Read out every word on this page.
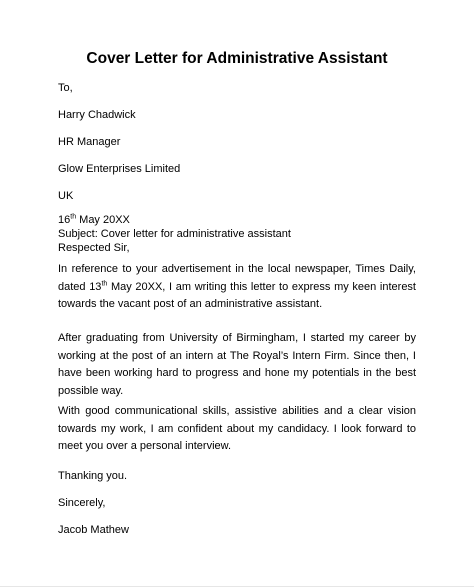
Cover Letter for Administrative Assistant
To,
Harry Chadwick
HR Manager
Glow Enterprises Limited
UK
16th May 20XX
Subject: Cover letter for administrative assistant
Respected Sir,

In reference to your advertisement in the local newspaper, Times Daily, dated 13th May 20XX, I am writing this letter to express my keen interest towards the vacant post of an administrative assistant.

After graduating from University of Birmingham, I started my career by working at the post of an intern at The Royal’s Intern Firm. Since then, I have been working hard to progress and hone my potentials in the best possible way.

With good communicational skills, assistive abilities and a clear vision towards my work, I am confident about my candidacy. I look forward to meet you over a personal interview.

Thanking you.
Sincerely,
Jacob Mathew
